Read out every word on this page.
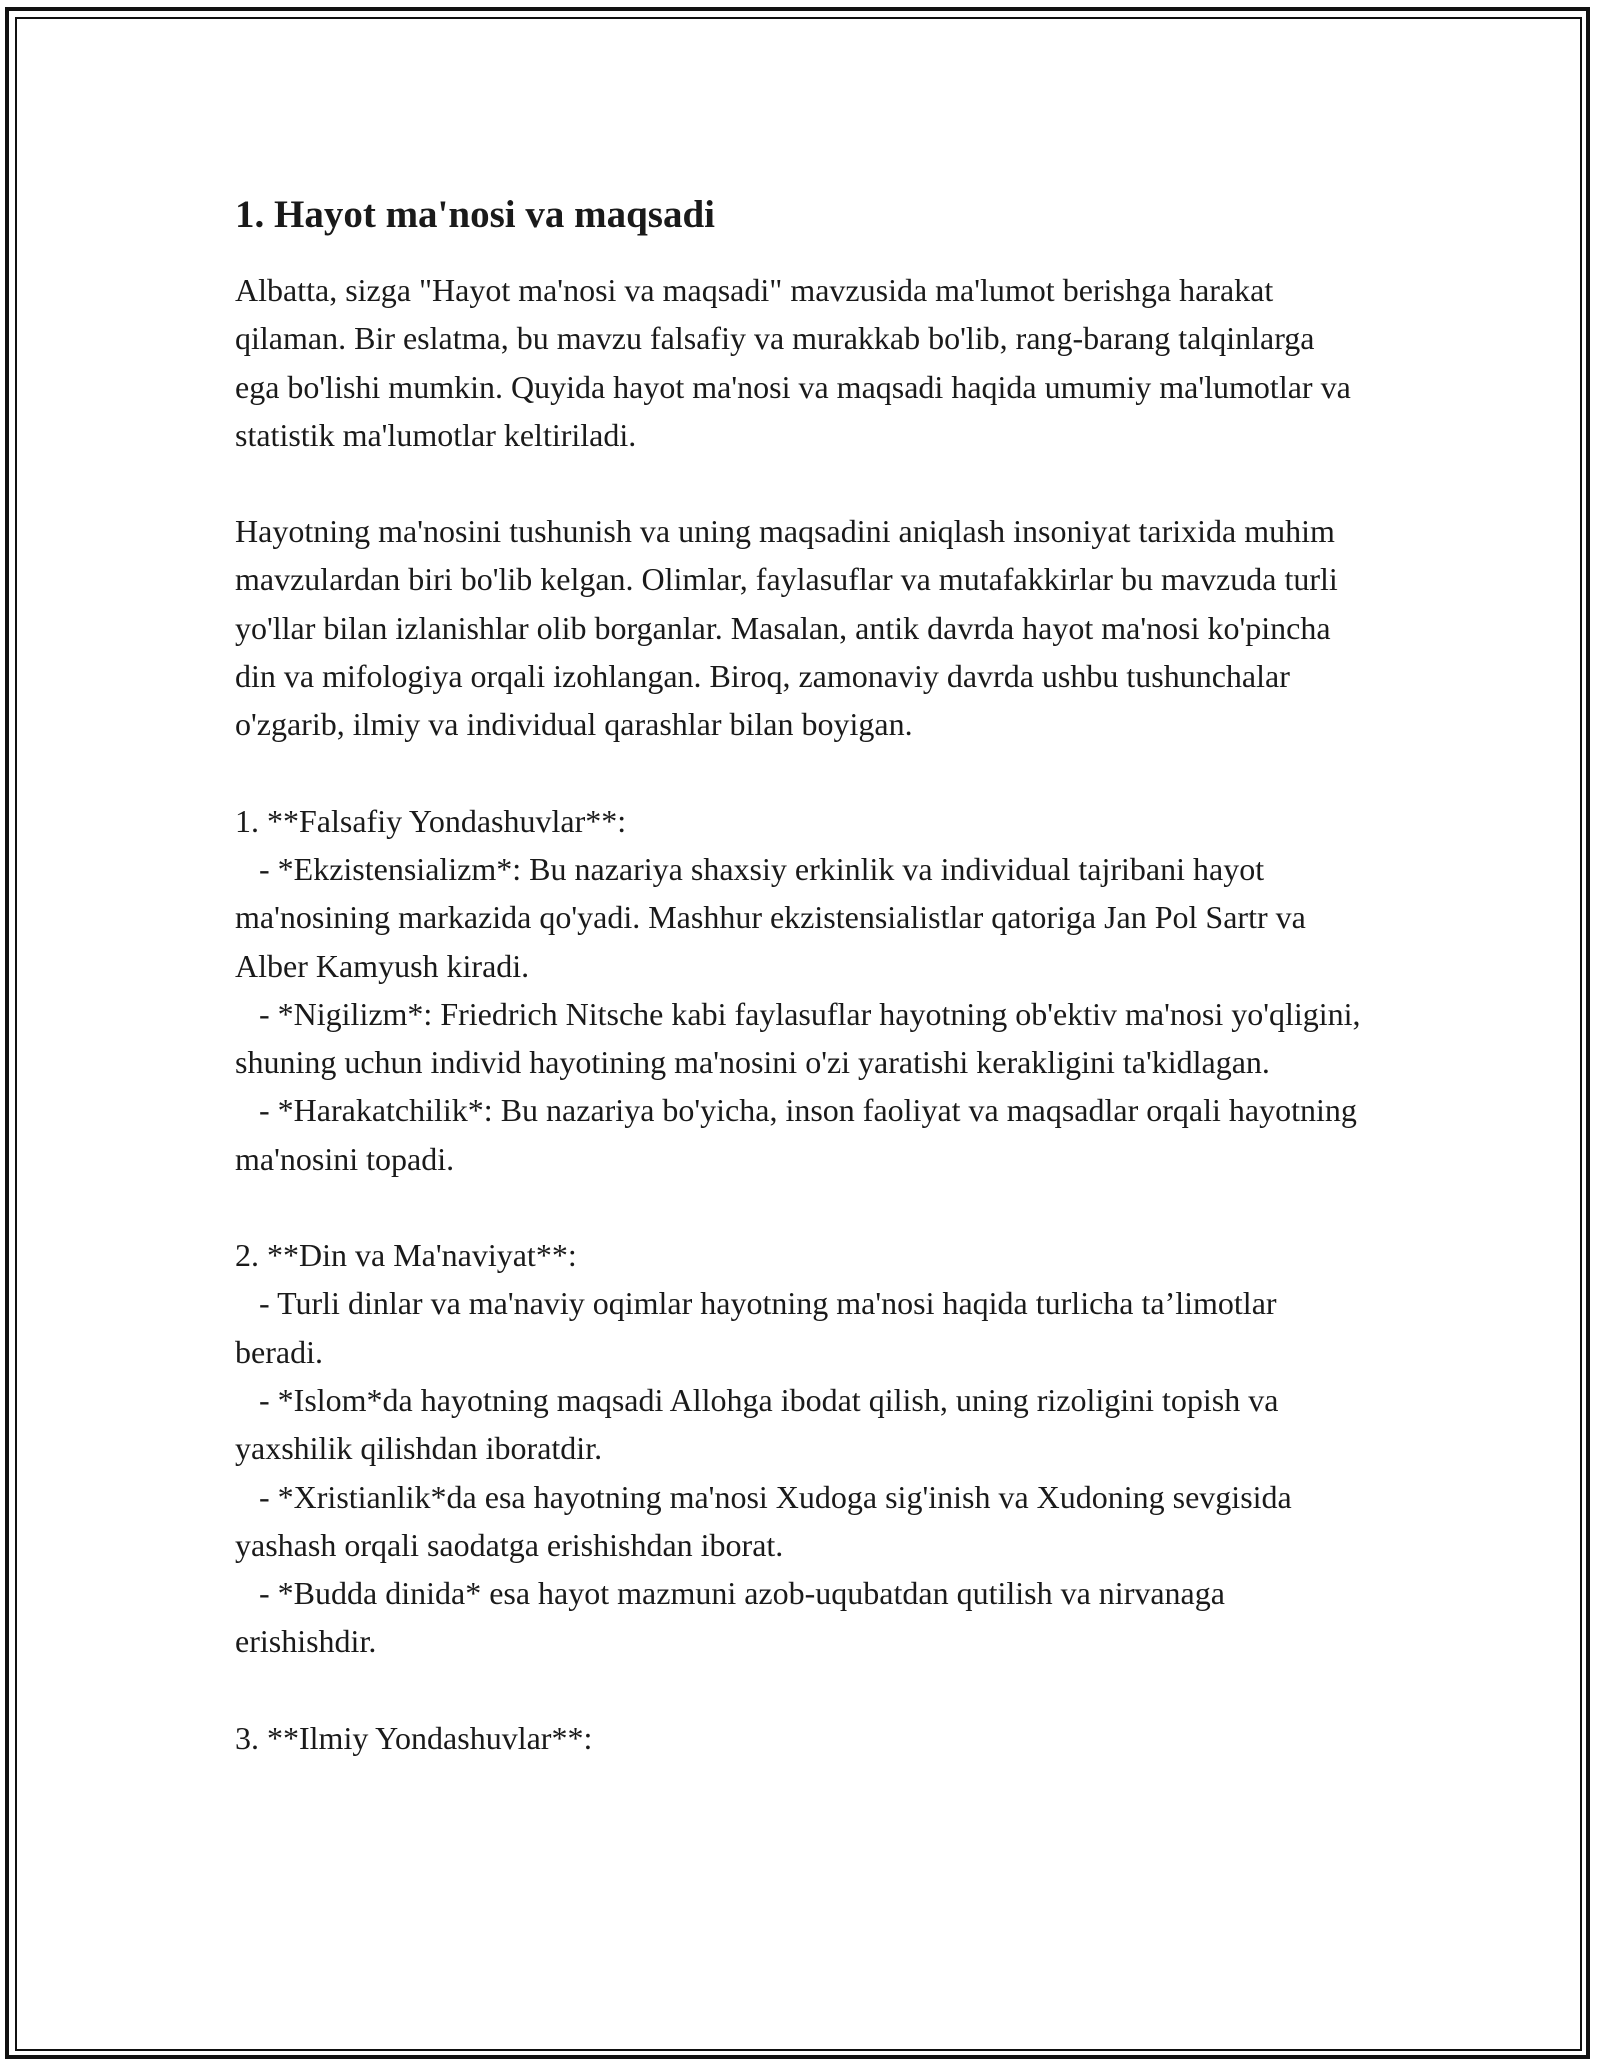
1. Hayot ma'nosi va maqsadi

Albatta, sizga "Hayot ma'nosi va maqsadi" mavzusida ma'lumot berishga harakat qilaman. Bir eslatma, bu mavzu falsafiy va murakkab bo'lib, rang-barang talqinlarga ega bo'lishi mumkin. Quyida hayot ma'nosi va maqsadi haqida umumiy ma'lumotlar va statistik ma'lumotlar keltiriladi.

Hayotning ma'nosini tushunish va uning maqsadini aniqlash insoniyat tarixida muhim mavzulardan biri bo'lib kelgan. Olimlar, faylasuflar va mutafakkirlar bu mavzuda turli yo'llar bilan izlanishlar olib borganlar. Masalan, antik davrda hayot ma'nosi ko'pincha din va mifologiya orqali izohlangan. Biroq, zamonaviy davrda ushbu tushunchalar o'zgarib, ilmiy va individual qarashlar bilan boyigan.

1. **Falsafiy Yondashuvlar**:
- *Ekzistensializm*: Bu nazariya shaxsiy erkinlik va individual tajribani hayot ma'nosining markazida qo'yadi. Mashhur ekzistensialistlar qatoriga Jan Pol Sartr va Alber Kamyush kiradi.
- *Nigilizm*: Friedrich Nitsche kabi faylasuflar hayotning ob'ektiv ma'nosi yo'qligini, shuning uchun individ hayotining ma'nosini o'zi yaratishi kerakligini ta'kidlagan.
- *Harakatchilik*: Bu nazariya bo'yicha, inson faoliyat va maqsadlar orqali hayotning ma'nosini topadi.
2. **Din va Ma'naviyat**:
- Turli dinlar va ma'naviy oqimlar hayotning ma'nosi haqida turlicha ta’limotlar beradi.
- *Islom*da hayotning maqsadi Allohga ibodat qilish, uning rizoligini topish va yaxshilik qilishdan iboratdir.
- *Xristianlik*da esa hayotning ma'nosi Xudoga sig'inish va Xudoning sevgisida yashash orqali saodatga erishishdan iborat.
- *Budda dinida* esa hayot mazmuni azob-uqubatdan qutilish va nirvanaga erishishdir.
3. **Ilmiy Yondashuvlar**:
